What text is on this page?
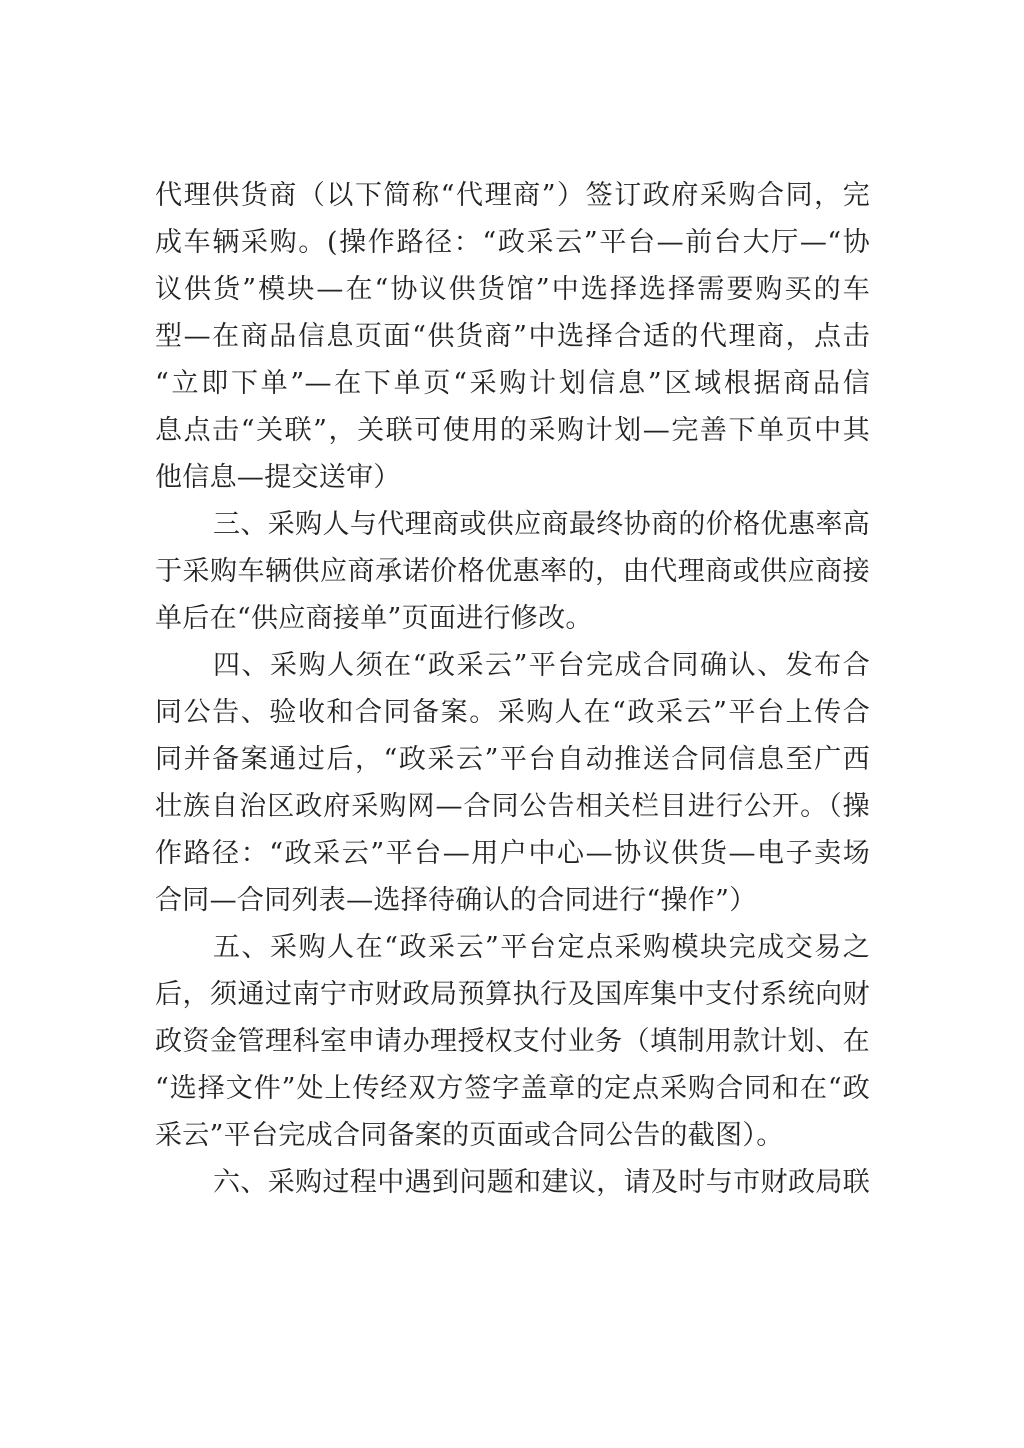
代理供货商（以下简称“代理商”）签订政府采购合同，完
成车辆采购。(操作路径：“政采云”平台—前台大厅—“协
议供货”模块—在“协议供货馆”中选择选择需要购买的车
型—在商品信息页面“供货商”中选择合适的代理商，点击
“立即下单”—在下单页“采购计划信息”区域根据商品信
息点击“关联”，关联可使用的采购计划—完善下单页中其
他信息—提交送审）
三、采购人与代理商或供应商最终协商的价格优惠率高
于采购车辆供应商承诺价格优惠率的，由代理商或供应商接
单后在“供应商接单”页面进行修改。
四、采购人须在“政采云”平台完成合同确认、发布合
同公告、验收和合同备案。采购人在“政采云”平台上传合
同并备案通过后，“政采云”平台自动推送合同信息至广西
壮族自治区政府采购网—合同公告相关栏目进行公开。（操
作路径：“政采云”平台—用户中心—协议供货—电子卖场
合同—合同列表—选择待确认的合同进行“操作”）
五、采购人在“政采云”平台定点采购模块完成交易之
后，须通过南宁市财政局预算执行及国库集中支付系统向财
政资金管理科室申请办理授权支付业务（填制用款计划、在
“选择文件”处上传经双方签字盖章的定点采购合同和在“政
采云”平台完成合同备案的页面或合同公告的截图）。
六、采购过程中遇到问题和建议，请及时与市财政局联
